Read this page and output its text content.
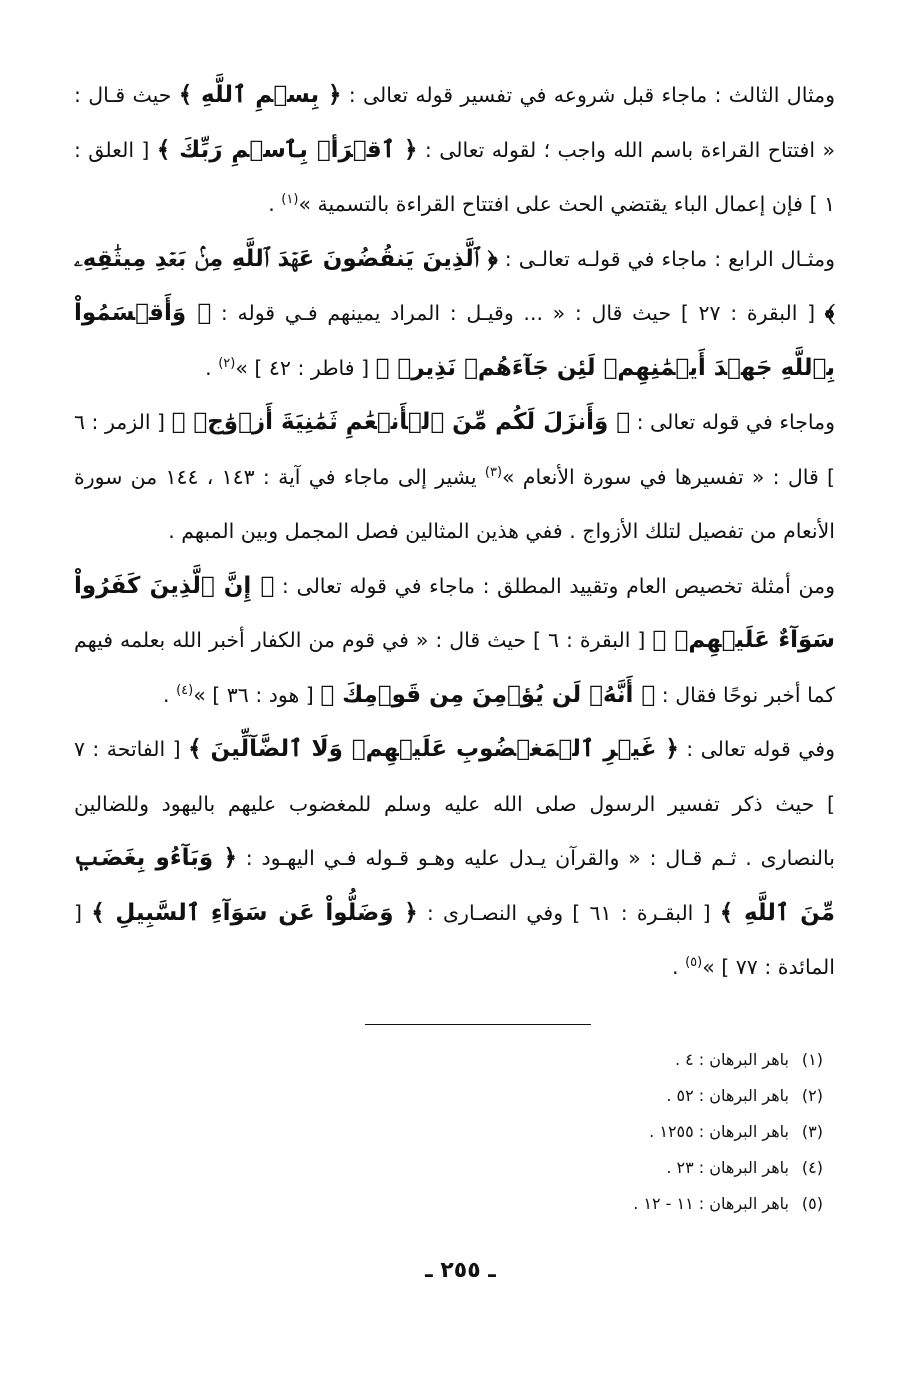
ومثال الثالث : ماجاء قبل شروعه في تفسير قوله تعالى : ﴿ بِسۡمِ ٱللَّهِ ﴾ حيث قـال : « افتتاح القراءة باسم الله واجب ؛ لقوله تعالى : ﴿ ٱقۡرَأۡ بِٱسۡمِ رَبِّكَ ﴾ [ العلق : ١ ] فإن إعمال الباء يقتضي الحث على افتتاح القراءة بالتسمية »$^{(١)}$ .

ومثـال الرابع : ماجاء في قولـه تعالـى : ﴿ ٱلَّذِينَ يَنقُضُونَ عَهۡدَ ٱللَّهِ مِنۢ بَعۡدِ مِيثَٰقِهِۦ ﴾ [ البقرة : ٢٧ ] حيث قال : « ... وقيـل : المراد يمينهم فـي قوله : ﴿ وَأَقۡسَمُواْ بِٱللَّهِ جَهۡدَ أَيۡمَٰنِهِمۡ لَئِن جَآءَهُمۡ نَذِيرٞ ﴾ [ فاطر : ٤٢ ] »$^{(٢)}$ .

وماجاء في قوله تعالى : ﴿ وَأَنزَلَ لَكُم مِّنَ ٱلۡأَنۡعَٰمِ ثَمَٰنِيَةَ أَزۡوَٰجٖ ﴾ [ الزمر : ٦ ] قال : « تفسيرها في سورة الأنعام »$^{(٣)}$ يشير إلى ماجاء في آية : ١٤٣ ، ١٤٤ من سورة الأنعام من تفصيل لتلك الأزواج . ففي هذين المثالين فصل المجمل وبين المبهم .

ومن أمثلة تخصيص العام وتقييد المطلق : ماجاء في قوله تعالى : ﴿ إِنَّ ٱلَّذِينَ كَفَرُواْ سَوَآءٌ عَلَيۡهِمۡ ﴾ [ البقرة : ٦ ] حيث قال : « في قوم من الكفار أخبر الله بعلمه فيهم كما أخبر نوحًا فقال : ﴿ أَنَّهُۥ لَن يُؤۡمِنَ مِن قَوۡمِكَ ﴾ [ هود : ٣٦ ] »$^{(٤)}$ .

وفي قوله تعالى : ﴿ غَيۡرِ ٱلۡمَغۡضُوبِ عَلَيۡهِمۡ وَلَا ٱلضَّآلِّينَ ﴾ [ الفاتحة : ٧ ] حيث ذكر تفسير الرسول صلى الله عليه وسلم للمغضوب عليهم باليهود وللضالين بالنصارى . ثـم قـال : « والقرآن يـدل عليه وهـو قـوله فـي اليهـود : ﴿ وَبَآءُو بِغَضَبٖ مِّنَ ٱللَّهِ ﴾ [ البقـرة : ٦١ ] وفي النصـارى : ﴿ وَضَلُّواْ عَن سَوَآءِ ٱلسَّبِيلِ ﴾ [ المائدة : ٧٧ ] »$^{(٥)}$ .

(١)باهر البرهان : ٤ .
(٢)باهر البرهان : ٥٢ .
(٣)باهر البرهان : ١٢٥٥ .
(٤)باهر البرهان : ٢٣ .
(٥)باهر البرهان : ١١ - ١٢ .
ـ ٢٥٥ ـ
